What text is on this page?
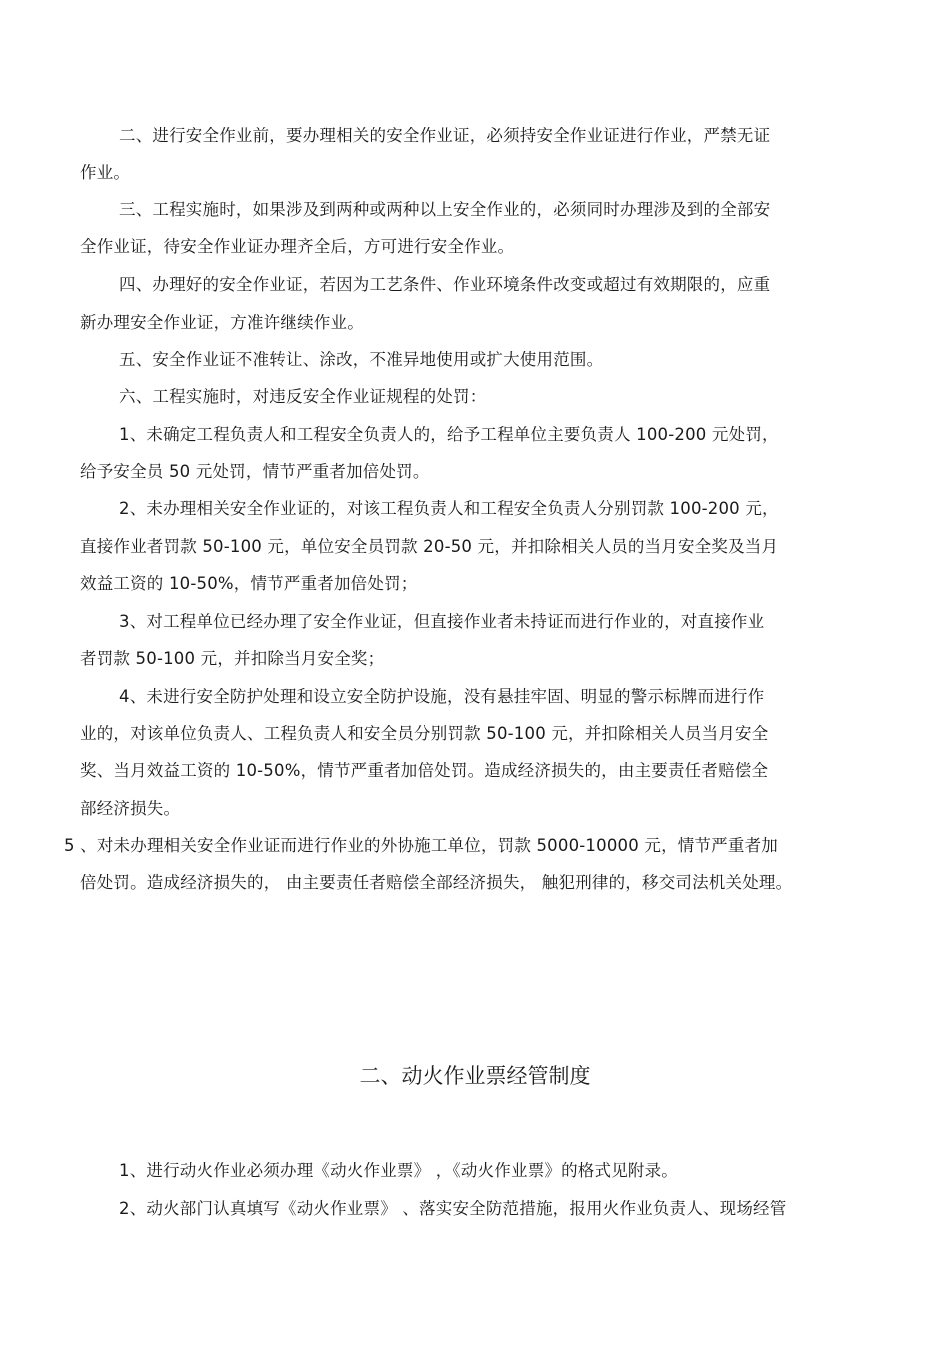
二、进行安全作业前，要办理相关的安全作业证，必须持安全作业证进行作业，严禁无证
作业。
三、工程实施时，如果涉及到两种或两种以上安全作业的，必须同时办理涉及到的全部安
全作业证，待安全作业证办理齐全后，方可进行安全作业。
四、办理好的安全作业证，若因为工艺条件、作业环境条件改变或超过有效期限的，应重
新办理安全作业证，方准许继续作业。
五、安全作业证不准转让、涂改，不准异地使用或扩大使用范围。
六、工程实施时，对违反安全作业证规程的处罚：
1、未确定工程负责人和工程安全负责人的，给予工程单位主要负责人 100-200 元处罚，
给予安全员 50 元处罚，情节严重者加倍处罚。
2、未办理相关安全作业证的，对该工程负责人和工程安全负责人分别罚款 100-200 元，
直接作业者罚款 50-100 元，单位安全员罚款 20-50 元，并扣除相关人员的当月安全奖及当月
效益工资的 10-50%，情节严重者加倍处罚；
3、对工程单位已经办理了安全作业证，但直接作业者未持证而进行作业的，对直接作业
者罚款 50-100 元，并扣除当月安全奖；
4、未进行安全防护处理和设立安全防护设施，没有悬挂牢固、明显的警示标牌而进行作
业的，对该单位负责人、工程负责人和安全员分别罚款 50-100 元，并扣除相关人员当月安全
奖、当月效益工资的 10-50%，情节严重者加倍处罚。造成经济损失的，由主要责任者赔偿全
部经济损失。
5 、对未办理相关安全作业证而进行作业的外协施工单位，罚款 5000-10000 元，情节严重者加
倍处罚。造成经济损失的， 由主要责任者赔偿全部经济损失， 触犯刑律的，移交司法机关处理。
二、动火作业票经管制度
1、进行动火作业必须办理《动火作业票》 ，《动火作业票》的格式见附录。
2、动火部门认真填写《动火作业票》 、落实安全防范措施，报用火作业负责人、现场经管
